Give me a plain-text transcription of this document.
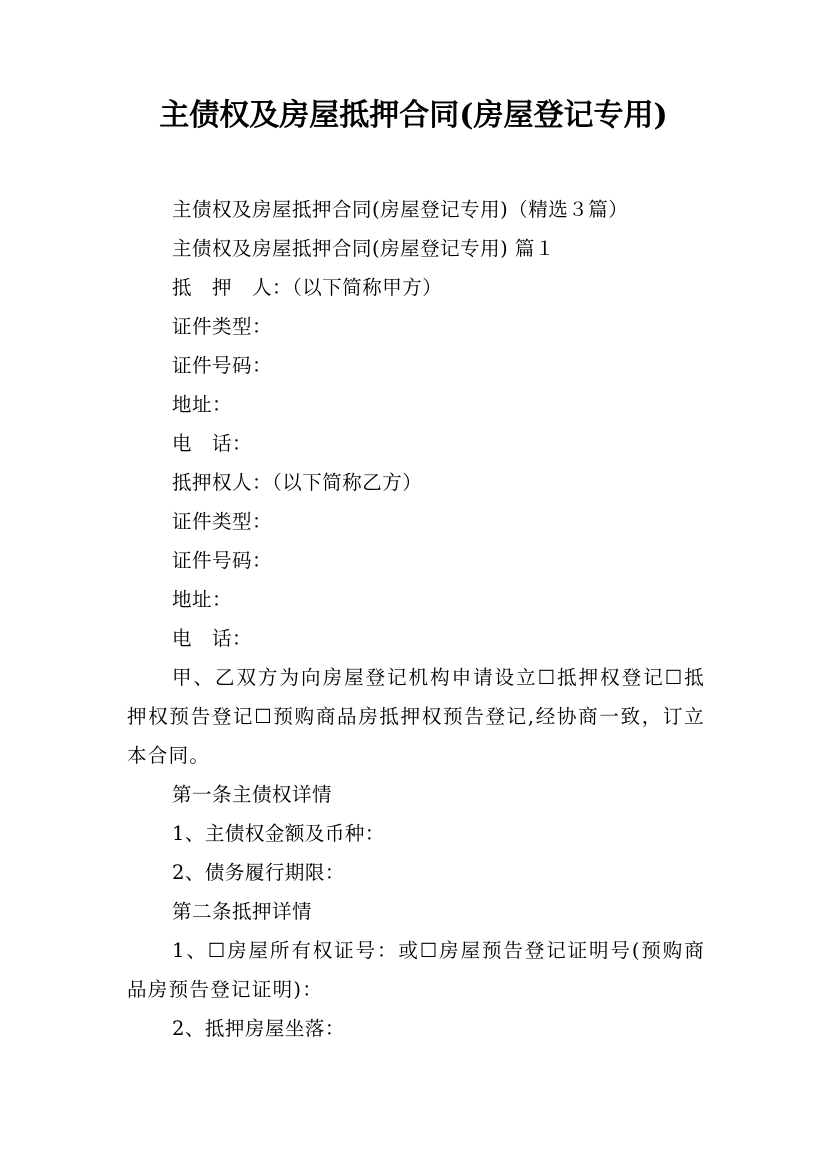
主债权及房屋抵押合同(房屋登记专用)
主债权及房屋抵押合同(房屋登记专用)（精选３篇）
主债权及房屋抵押合同(房屋登记专用) 篇１
抵　押　人：（以下简称甲方）
证件类型：
证件号码：
地址：
电　话：
抵押权人：（以下简称乙方）
证件类型：
证件号码：
地址：
电　话：
甲、乙双方为向房屋登记机构申请设立☐抵押权登记☐抵押权预告登记☐预购商品房抵押权预告登记,经协商一致，订立本合同。
第一条主债权详情
1、主债权金额及币种：
2、债务履行期限：
第二条抵押详情
1、☐房屋所有权证号：或☐房屋预告登记证明号(预购商品房预告登记证明)：
2、抵押房屋坐落：
